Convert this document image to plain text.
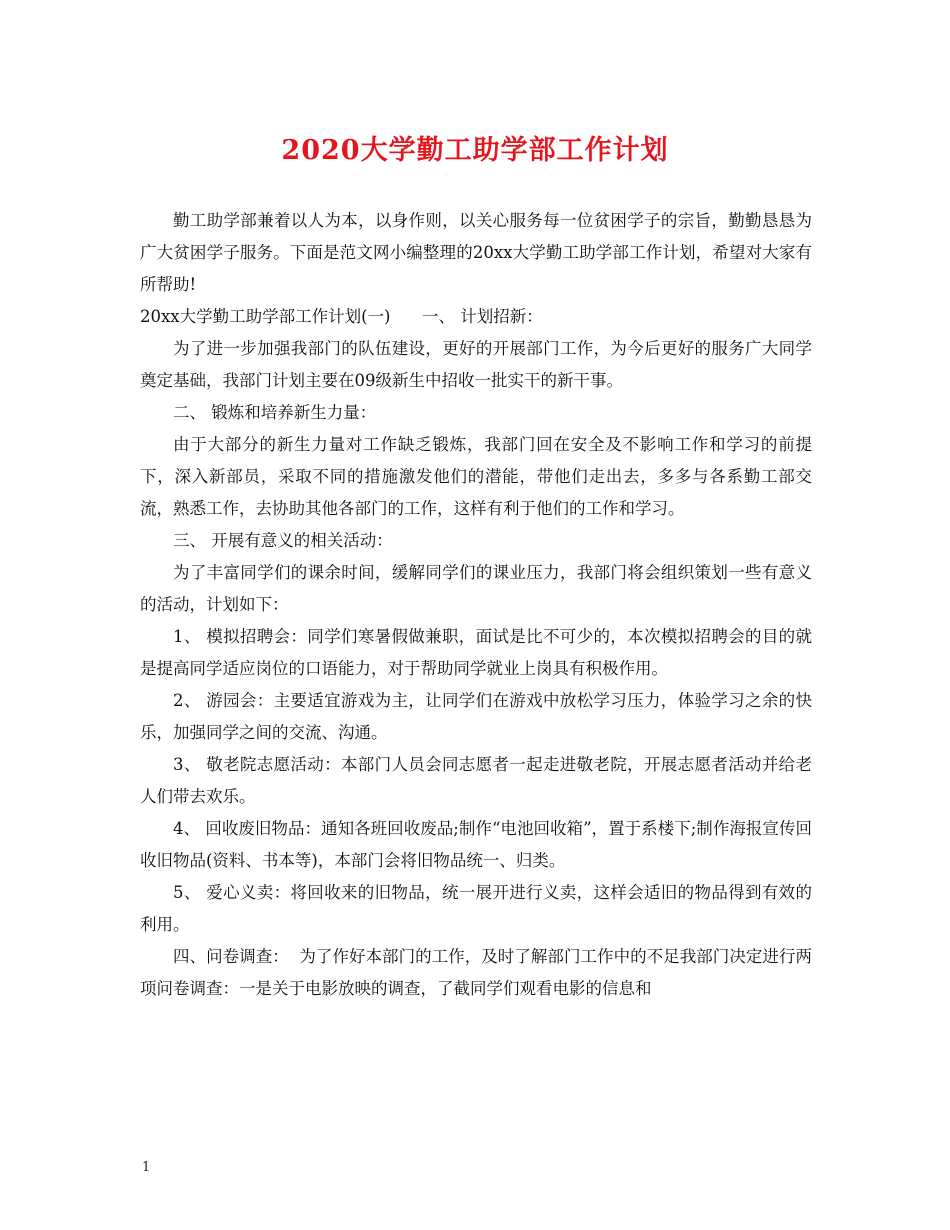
2020大学勤工助学部工作计划

勤工助学部兼着以人为本，以身作则，以关心服务每一位贫困学子的宗旨，勤勤恳恳为广大贫困学子服务。下面是范文网小编整理的20xx大学勤工助学部工作计划，希望对大家有所帮助!

20xx大学勤工助学部工作计划(一)      一、 计划招新：

为了进一步加强我部门的队伍建设，更好的开展部门工作，为今后更好的服务广大同学奠定基础，我部门计划主要在09级新生中招收一批实干的新干事。

二、 锻炼和培养新生力量：

由于大部分的新生力量对工作缺乏锻炼，我部门回在安全及不影响工作和学习的前提下，深入新部员，采取不同的措施激发他们的潜能，带他们走出去，多多与各系勤工部交流，熟悉工作，去协助其他各部门的工作，这样有利于他们的工作和学习。

三、 开展有意义的相关活动：

为了丰富同学们的课余时间，缓解同学们的课业压力，我部门将会组织策划一些有意义的活动，计划如下：

1、 模拟招聘会：同学们寒暑假做兼职，面试是比不可少的，本次模拟招聘会的目的就是提高同学适应岗位的口语能力，对于帮助同学就业上岗具有积极作用。

2、 游园会：主要适宜游戏为主，让同学们在游戏中放松学习压力，体验学习之余的快乐，加强同学之间的交流、沟通。

3、 敬老院志愿活动：本部门人员会同志愿者一起走进敬老院，开展志愿者活动并给老人们带去欢乐。

4、 回收废旧物品：通知各班回收废品;制作“电池回收箱”，置于系楼下;制作海报宣传回收旧物品(资料、书本等)，本部门会将旧物品统一、归类。

5、 爱心义卖：将回收来的旧物品，统一展开进行义卖，这样会适旧的物品得到有效的利用。

四、问卷调查：  为了作好本部门的工作，及时了解部门工作中的不足我部门决定进行两项问卷调查：一是关于电影放映的调查，了截同学们观看电影的信息和

1
